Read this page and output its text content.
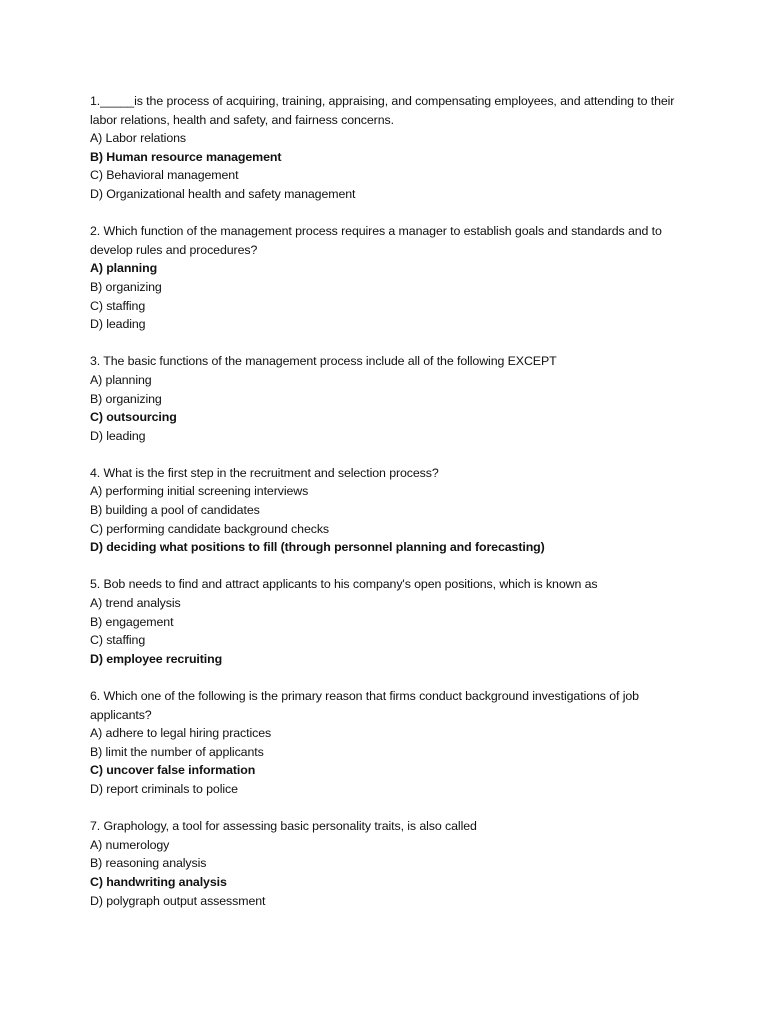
1._____is the process of acquiring, training, appraising, and compensating employees, and attending to their labor relations, health and safety, and fairness concerns.
A) Labor relations
B) Human resource management
C) Behavioral management
D) Organizational health and safety management
2. Which function of the management process requires a manager to establish goals and standards and to develop rules and procedures?
A) planning
B) organizing
C) staffing
D) leading
3. The basic functions of the management process include all of the following EXCEPT
A) planning
B) organizing
C) outsourcing
D) leading
4. What is the first step in the recruitment and selection process?
A) performing initial screening interviews
B) building a pool of candidates
C) performing candidate background checks
D) deciding what positions to fill (through personnel planning and forecasting)
5. Bob needs to find and attract applicants to his company's open positions, which is known as
A) trend analysis
B) engagement
C) staffing
D) employee recruiting
6. Which one of the following is the primary reason that firms conduct background investigations of job applicants?
A) adhere to legal hiring practices
B) limit the number of applicants
C) uncover false information
D) report criminals to police
7. Graphology, a tool for assessing basic personality traits, is also called
A) numerology
B) reasoning analysis
C) handwriting analysis
D) polygraph output assessment
